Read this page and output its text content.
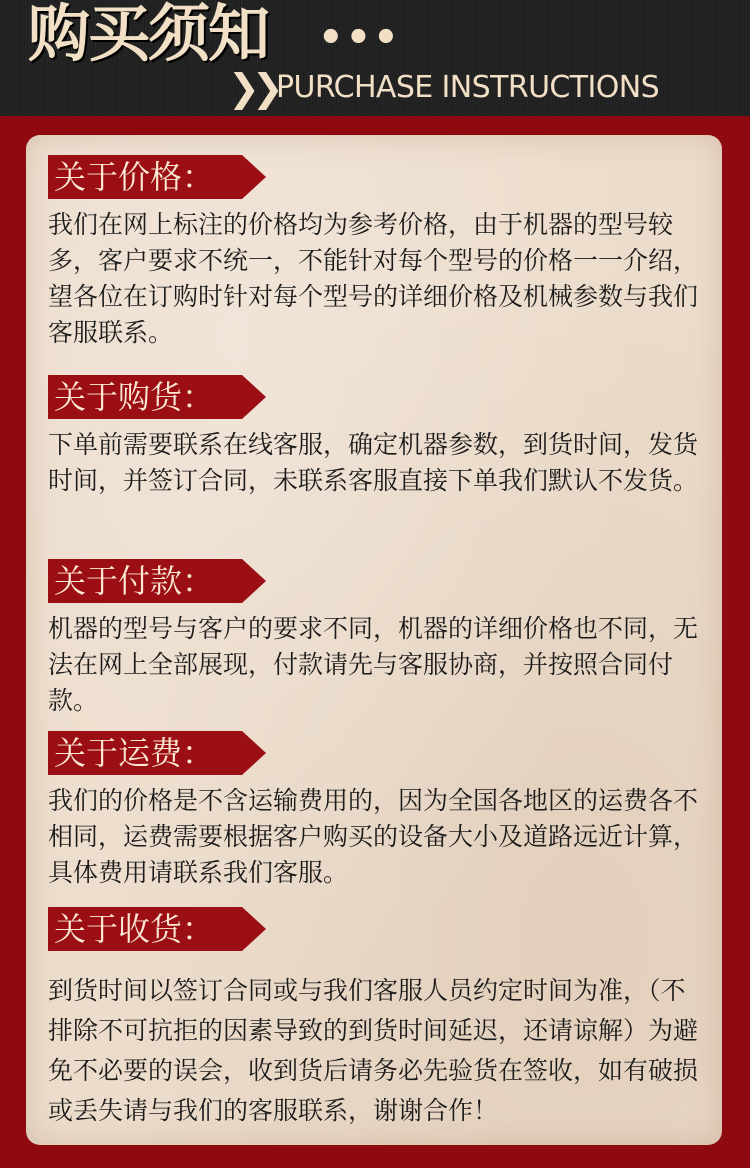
购买须知 •••
❯❯ PURCHASE INSTRUCTIONS
关于价格：

我们在网上标注的价格均为参考价格，由于机器的型号较多，客户要求不统一，不能针对每个型号的价格一一介绍，望各位在订购时针对每个型号的详细价格及机械参数与我们客服联系。

关于购货：

下单前需要联系在线客服，确定机器参数，到货时间，发货时间，并签订合同，未联系客服直接下单我们默认不发货。

关于付款：

机器的型号与客户的要求不同，机器的详细价格也不同，无法在网上全部展现，付款请先与客服协商，并按照合同付款。

关于运费：

我们的价格是不含运输费用的，因为全国各地区的运费各不相同，运费需要根据客户购买的设备大小及道路远近计算，具体费用请联系我们客服。

关于收货：

到货时间以签订合同或与我们客服人员约定时间为准，（不排除不可抗拒的因素导致的到货时间延迟，还请谅解）为避免不必要的误会，收到货后请务必先验货在签收，如有破损或丢失请与我们的客服联系，谢谢合作！
